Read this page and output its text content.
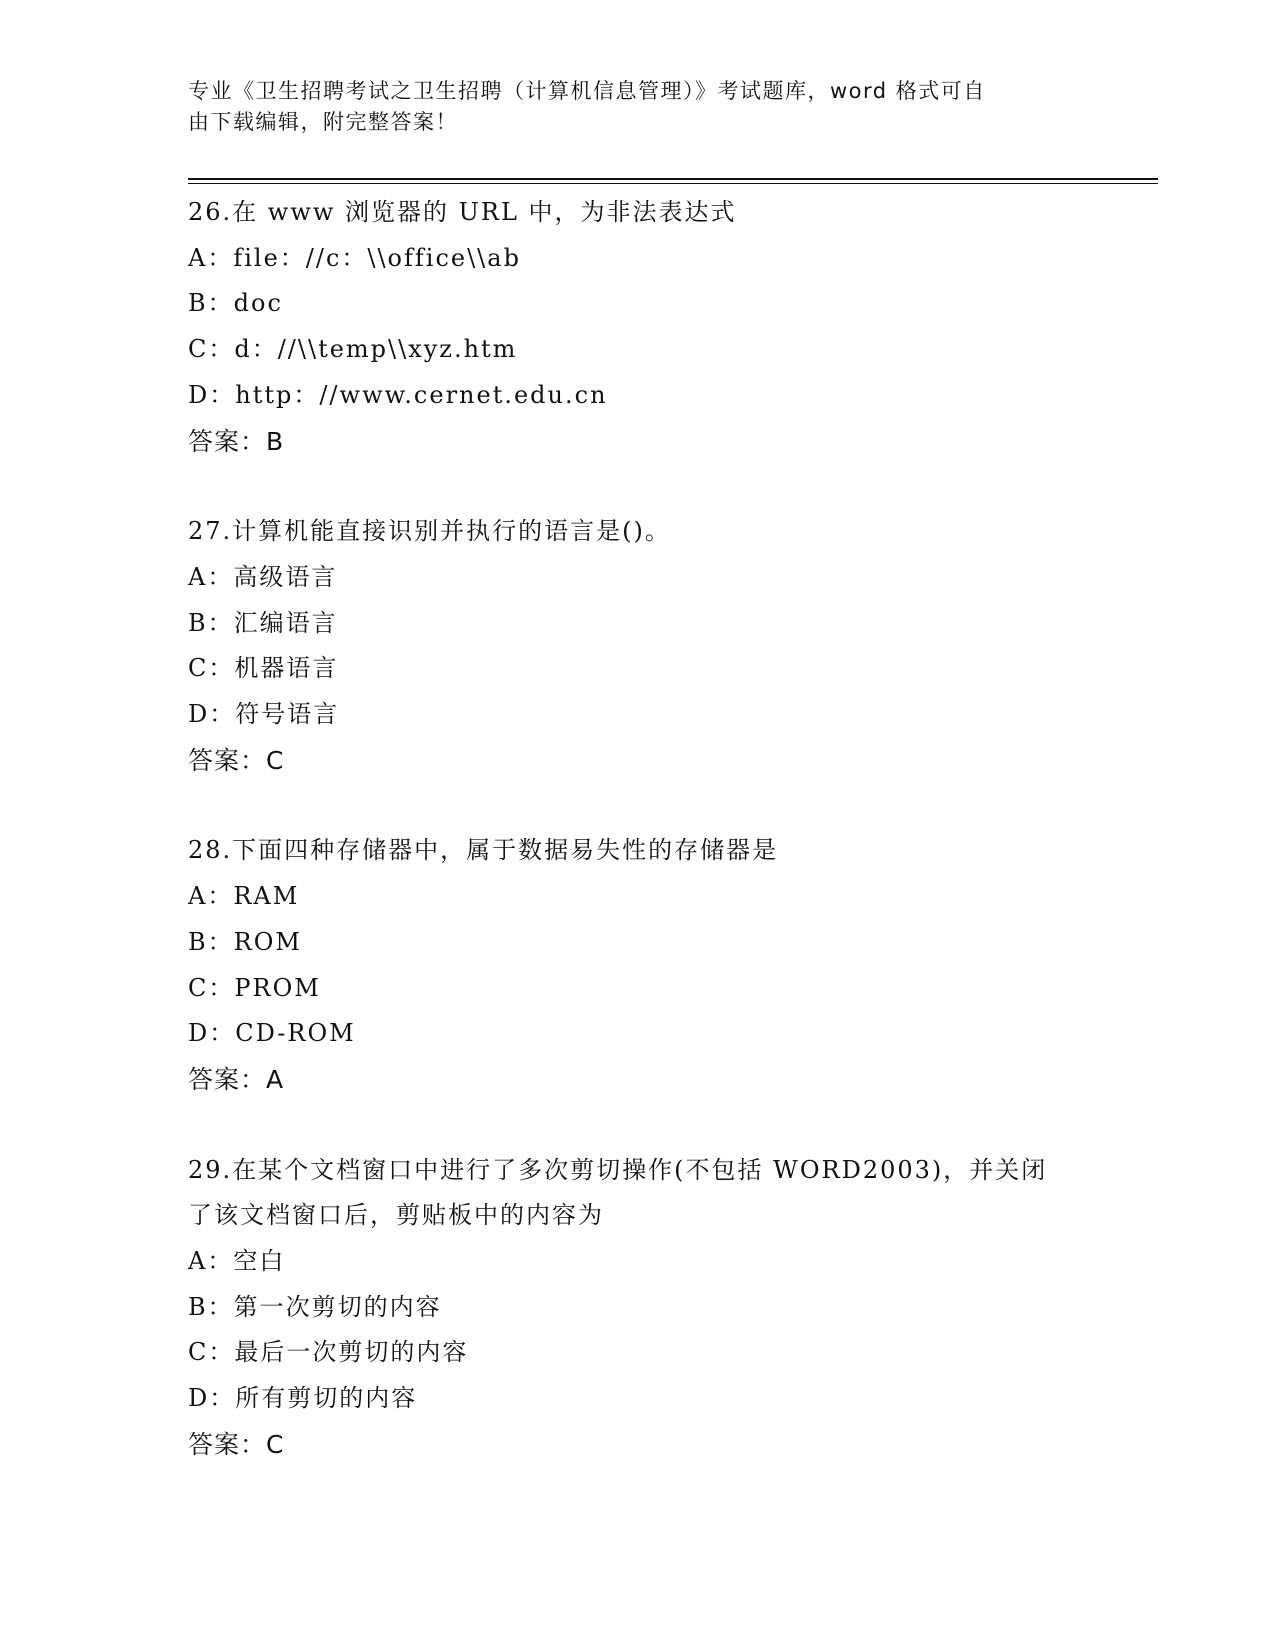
专业《卫生招聘考试之卫生招聘（计算机信息管理）》考试题库，word 格式可自
由下载编辑，附完整答案！
26.在 www 浏览器的 URL 中，为非法表达式
A：file：//c：\\office\\ab
B：doc
C：d：//\\temp\\xyz.htm
D：http：//www.cernet.edu.cn
答案：B
27.计算机能直接识别并执行的语言是()。
A：高级语言
B：汇编语言
C：机器语言
D：符号语言
答案：C
28.下面四种存储器中，属于数据易失性的存储器是
A：RAM
B：ROM
C：PROM
D：CD-ROM
答案：A
29.在某个文档窗口中进行了多次剪切操作(不包括 WORD2003)，并关闭
了该文档窗口后，剪贴板中的内容为
A：空白
B：第一次剪切的内容
C：最后一次剪切的内容
D：所有剪切的内容
答案：C
